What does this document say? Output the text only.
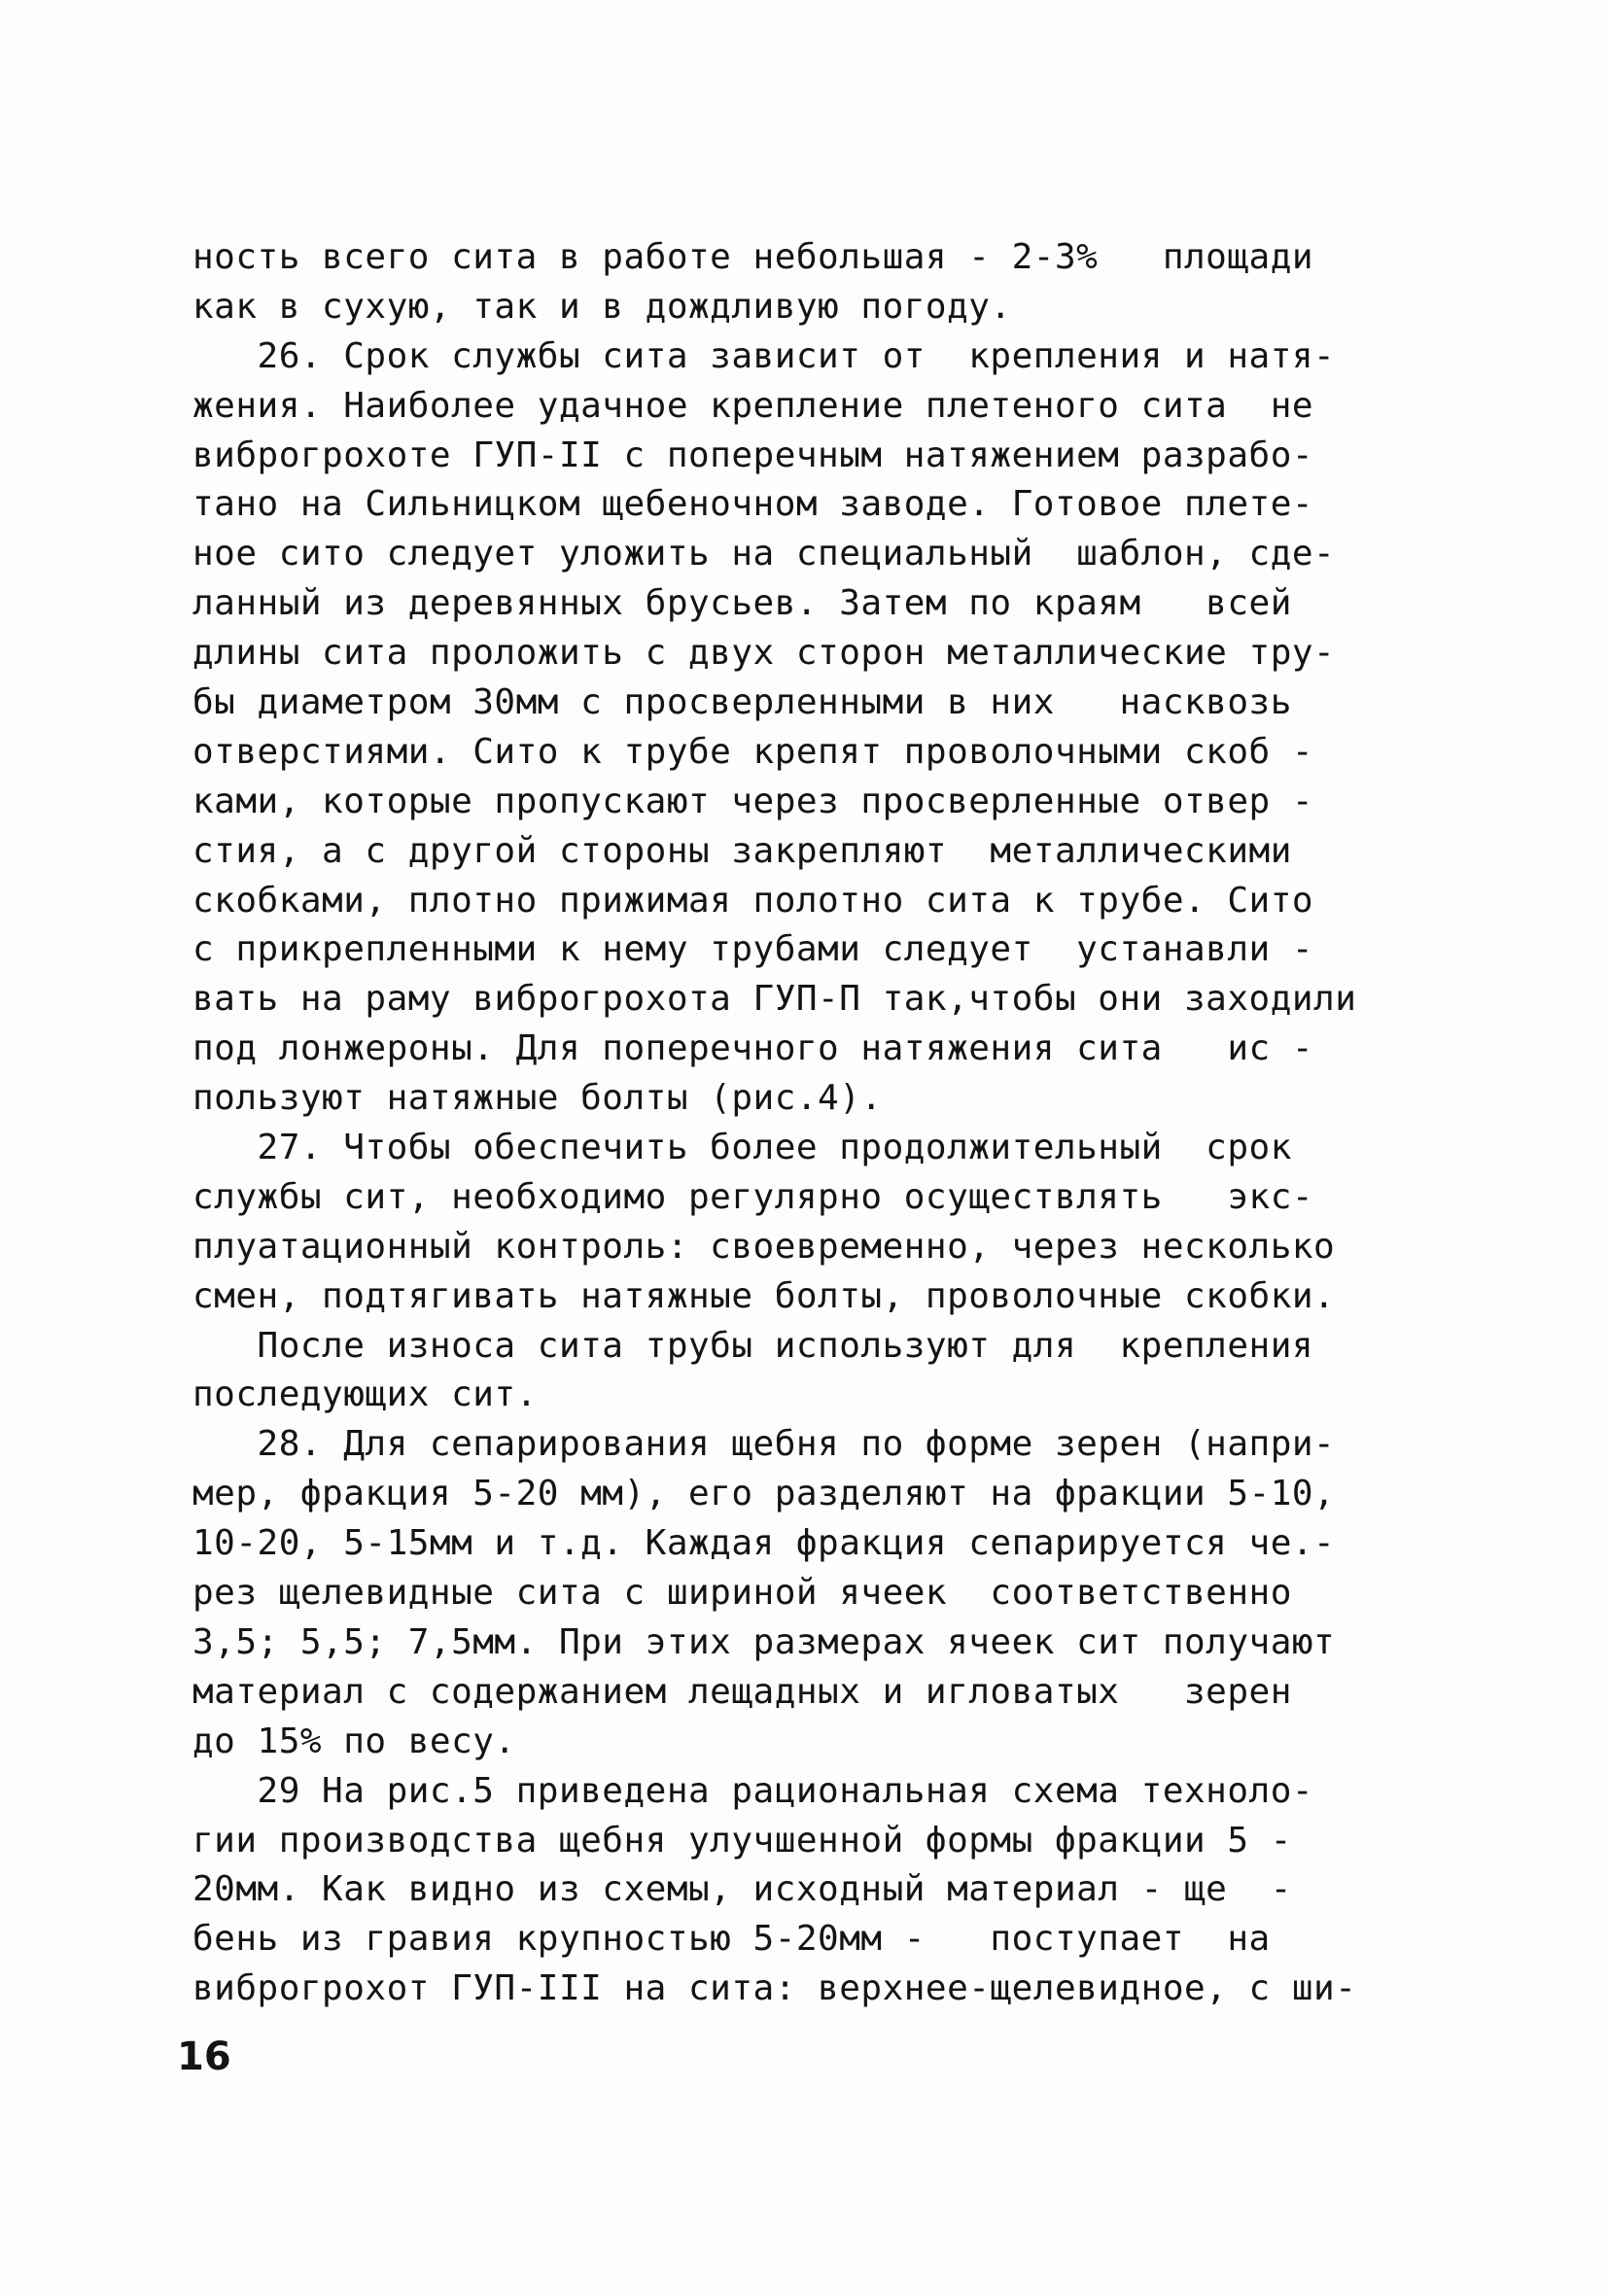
ность всего сита в работе небольшая - 2-3%   площади
как в сухую, так и в дождливую погоду.
26. Срок службы сита зависит от  крепления и натя-
жения. Наиболее удачное крепление плетеного сита  не
виброгрохоте ГУП-II с поперечным натяжением разрабо-
тано на Сильницком щебеночном заводе. Готовое плете-
ное сито следует уложить на специальный  шаблон, сде-
ланный из деревянных брусьев. Затем по краям   всей
длины сита проложить с двух сторон металлические тру-
бы диаметром 30мм с просверленными в них   насквозь
отверстиями. Сито к трубе крепят проволочными скоб -
ками, которые пропускают через просверленные отвер -
стия, а с другой стороны закрепляют  металлическими
скобками, плотно прижимая полотно сита к трубе. Сито
с прикрепленными к нему трубами следует  устанавли -
вать на раму виброгрохота ГУП-П так,чтобы они заходили
под лонжероны. Для поперечного натяжения сита   ис -
пользуют натяжные болты (рис.4).
27. Чтобы обеспечить более продолжительный  срок
службы сит, необходимо регулярно осуществлять   экс-
плуатационный контроль: своевременно, через несколько
смен, подтягивать натяжные болты, проволочные скобки.
После износа сита трубы используют для  крепления
последующих сит.
28. Для сепарирования щебня по форме зерен (напри-
мер, фракция 5-20 мм), его разделяют на фракции 5-10,
10-20, 5-15мм и т.д. Каждая фракция сепарируется че.-
рез щелевидные сита с шириной ячеек  соответственно
3,5; 5,5; 7,5мм. При этих размерах ячеек сит получают
материал с содержанием лещадных и игловатых   зерен
до 15% по весу.
29 На рис.5 приведена рациональная схема техноло-
гии производства щебня улучшенной формы фракции 5 -
20мм. Как видно из схемы, исходный материал - ще  -
бень из гравия крупностью 5-20мм -   поступает  на
виброгрохот ГУП-III на сита: верхнее-щелевидное, с ши-
16
